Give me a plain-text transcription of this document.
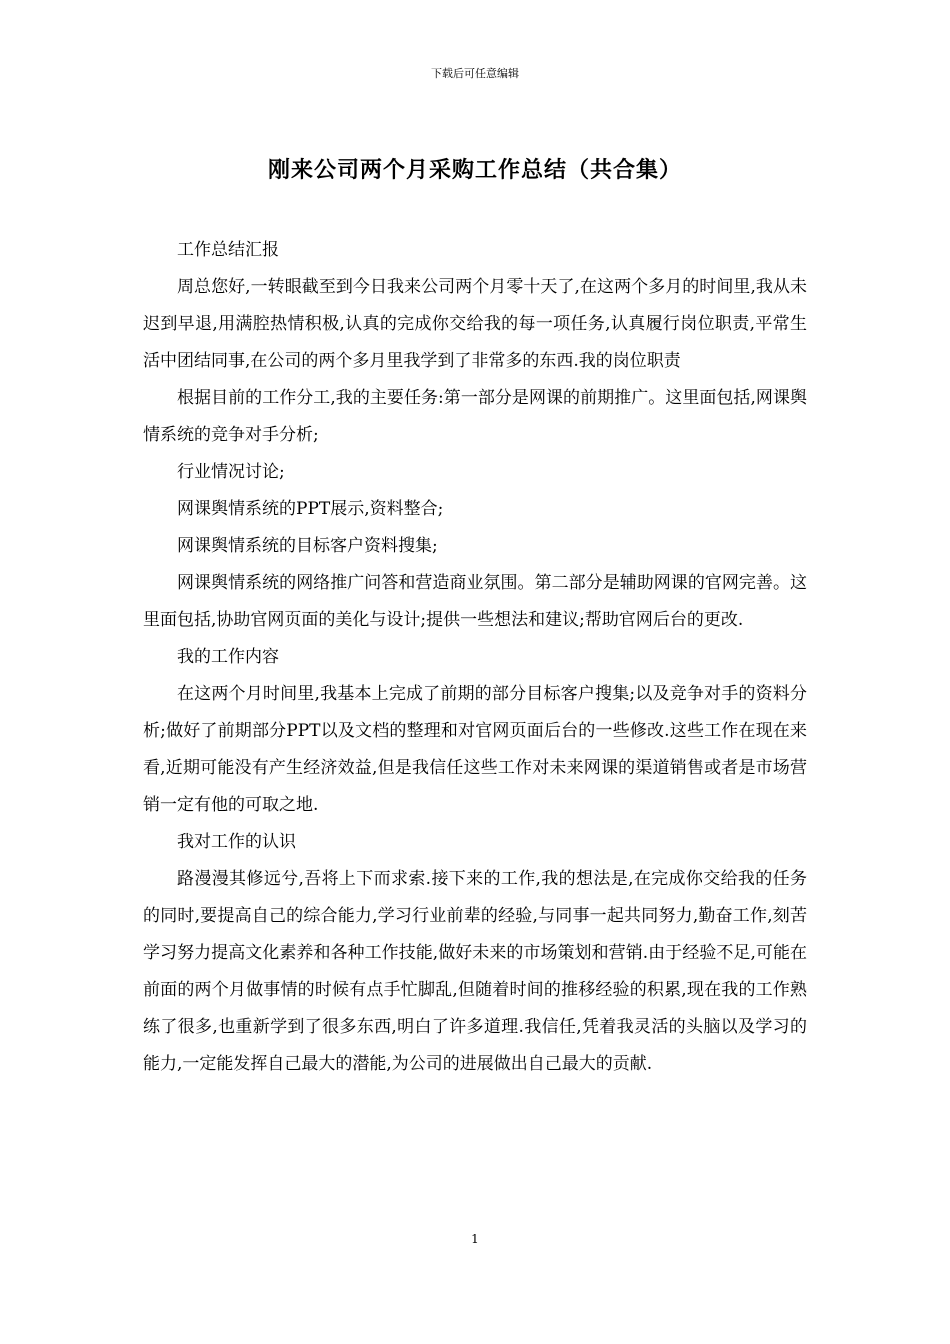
下载后可任意编辑
刚来公司两个月采购工作总结（共合集）

工作总结汇报

周总您好,一转眼截至到今日我来公司两个月零十天了,在这两个多月的时间里,我从未迟到早退,用满腔热情积极,认真的完成你交给我的每一项任务,认真履行岗位职责,平常生活中团结同事,在公司的两个多月里我学到了非常多的东西.我的岗位职责

根据目前的工作分工,我的主要任务:第一部分是网课的前期推广。这里面包括,网课舆情系统的竞争对手分析;

行业情况讨论;

网课舆情系统的PPT展示,资料整合;

网课舆情系统的目标客户资料搜集;

网课舆情系统的网络推广问答和营造商业氛围。第二部分是辅助网课的官网完善。这里面包括,协助官网页面的美化与设计;提供一些想法和建议;帮助官网后台的更改.

我的工作内容

在这两个月时间里,我基本上完成了前期的部分目标客户搜集;以及竞争对手的资料分析;做好了前期部分PPT以及文档的整理和对官网页面后台的一些修改.这些工作在现在来看,近期可能没有产生经济效益,但是我信任这些工作对未来网课的渠道销售或者是市场营销一定有他的可取之地.

我对工作的认识

路漫漫其修远兮,吾将上下而求索.接下来的工作,我的想法是,在完成你交给我的任务的同时,要提高自己的综合能力,学习行业前辈的经验,与同事一起共同努力,勤奋工作,刻苦学习努力提高文化素养和各种工作技能,做好未来的市场策划和营销.由于经验不足,可能在前面的两个月做事情的时候有点手忙脚乱,但随着时间的推移经验的积累,现在我的工作熟练了很多,也重新学到了很多东西,明白了许多道理.我信任,凭着我灵活的头脑以及学习的能力,一定能发挥自己最大的潜能,为公司的进展做出自己最大的贡献.

1
